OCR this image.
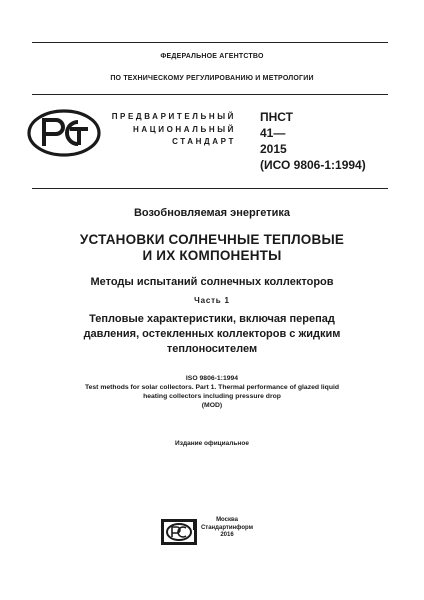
ФЕДЕРАЛЬНОЕ АГЕНТСТВО
ПО ТЕХНИЧЕСКОМУ РЕГУЛИРОВАНИЮ И МЕТРОЛОГИИ
ПРЕДВАРИТЕЛЬНЫЙ
НАЦИОНАЛЬНЫЙ
СТАНДАРТ
ПНСТ
41—
2015
(ИСО 9806-1:1994)
Возобновляемая энергетика
УСТАНОВКИ СОЛНЕЧНЫЕ ТЕПЛОВЫЕ
И ИХ КОМПОНЕНТЫ
Методы испытаний солнечных коллекторов
Часть 1
Тепловые характеристики, включая перепад
давления, остекленных коллекторов с жидким
теплоносителем
ISO 9806-1:1994
Test methods for solar collectors. Part 1. Thermal performance of glazed liquid
heating collectors including pressure drop
(MOD)
Издание официальное
Москва
Стандартинформ
2016
